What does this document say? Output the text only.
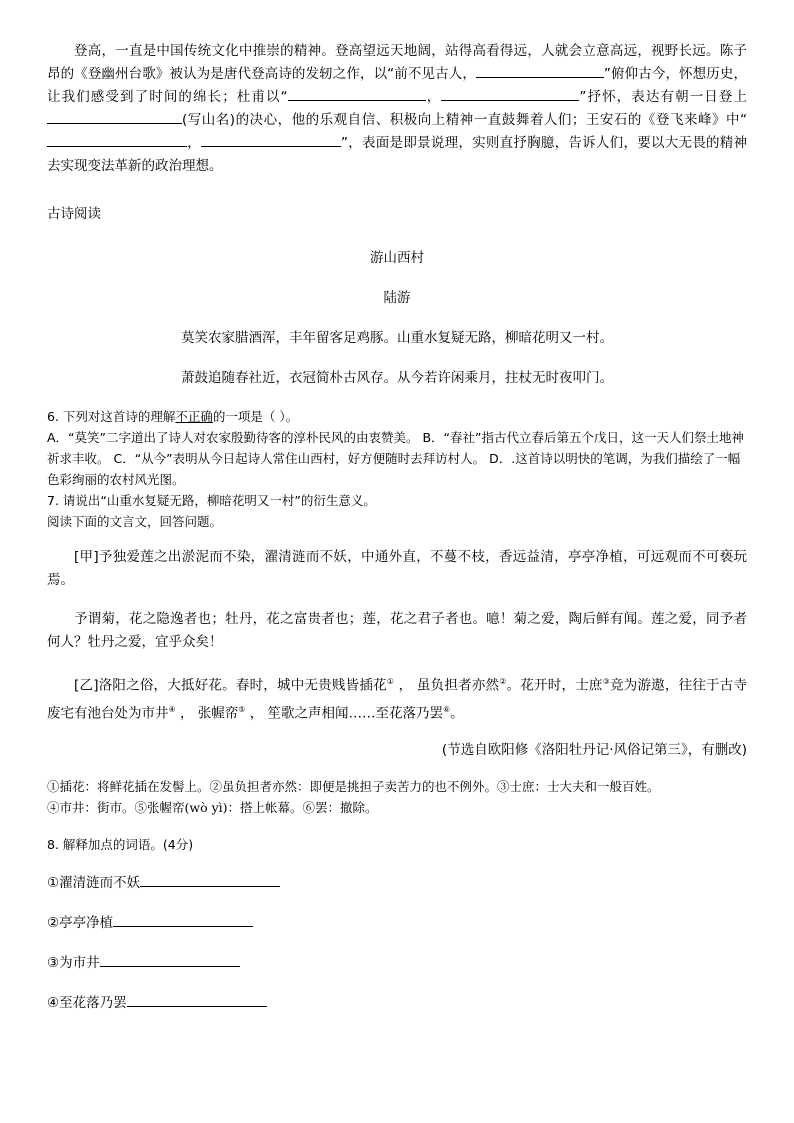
登高，一直是中国传统文化中推崇的精神。登高望远天地阔，站得高看得远，人就会立意高远，视野长远。陈子昂的《登幽州台歌》被认为是唐代登高诗的发轫之作，以“前不见古人，	”俯仰古今，怀想历史，让我们感受到了时间的绵长；杜甫以“	，	”抒怀，表达有朝一日登上(写山名)的决心，他的乐观自信、积极向上精神一直鼓舞着人们；王安石的《登飞来峰》中“，	”，表面是即景说理，实则直抒胸臆，告诉人们，要以大无畏的精神去实现变法革新的政治理想。

古诗阅读

游山西村

陆游

莫笑农家腊酒浑，丰年留客足鸡豚。山重水复疑无路，柳暗花明又一村。

萧鼓追随春社近，衣冠简朴古风存。从今若许闲乘月，拄杖无时夜叩门。

6. 下列对这首诗的理解不正确的一项是（ ）。

A．“莫笑”二字道出了诗人对农家殷勤待客的淳朴民风的由衷赞美。 B．“春社”指古代立春后第五个戊日，这一天人们祭土地神祈求丰收。 C．“从今”表明从今日起诗人常住山西村，好方便随时去拜访村人。 D．.这首诗以明快的笔调，为我们描绘了一幅色彩绚丽的农村风光图。

7. 请说出“山重水复疑无路，柳暗花明又一村”的衍生意义。

阅读下面的文言文，回答问题。

[甲]予独爱莲之出淤泥而不染，濯清涟而不妖，中通外直，不蔓不枝，香远益清，亭亭净植，可远观而不可亵玩焉。

予谓菊，花之隐逸者也；牡丹，花之富贵者也；莲，花之君子者也。噫！菊之爱，陶后鲜有闻。莲之爱，同予者何人？牡丹之爱，宜乎众矣！

[乙]洛阳之俗，大抵好花。春时，城中无贵贱皆插花① ， 虽负担者亦然②。花开时，士庶③竞为游遨，往往于古寺废宅有池台处为市井④ ， 张幄帟⑤ ， 笙歌之声相闻……至花落乃罢⑥。

(节选自欧阳修《洛阳牡丹记·风俗记第三》，有删改)

①插花：将鲜花插在发髻上。②虽负担者亦然：即便是挑担子卖苦力的也不例外。③士庶：士大夫和一般百姓。

④市井：街市。⑤张幄帟(wò yì)：搭上帐幕。⑥罢：撤除。

8. 解释加点的词语。(4分)

①濯清涟而不妖

②亭亭净植

③为市井

④至花落乃罢
